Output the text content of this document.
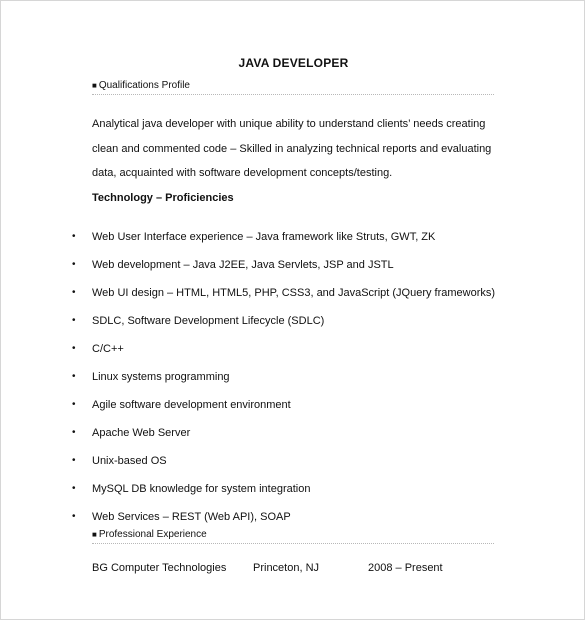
JAVA DEVELOPER
■ Qualifications Profile
Analytical java developer with unique ability to understand clients’ needs creating
clean and commented code – Skilled in analyzing technical reports and evaluating
data, acquainted with software development concepts/testing.
Technology – Proficiencies
• Web User Interface experience – Java framework like Struts, GWT, ZK
• Web development – Java J2EE, Java Servlets, JSP and JSTL
• Web UI design – HTML, HTML5, PHP, CSS3, and JavaScript (JQuery frameworks)
• SDLC, Software Development Lifecycle (SDLC)
• C/C++
• Linux systems programming
• Agile software development environment
• Apache Web Server
• Unix-based OS
• MySQL DB knowledge for system integration
• Web Services – REST (Web API), SOAP
■ Professional Experience
BG Computer Technologies Princeton, NJ	2008 – Present
